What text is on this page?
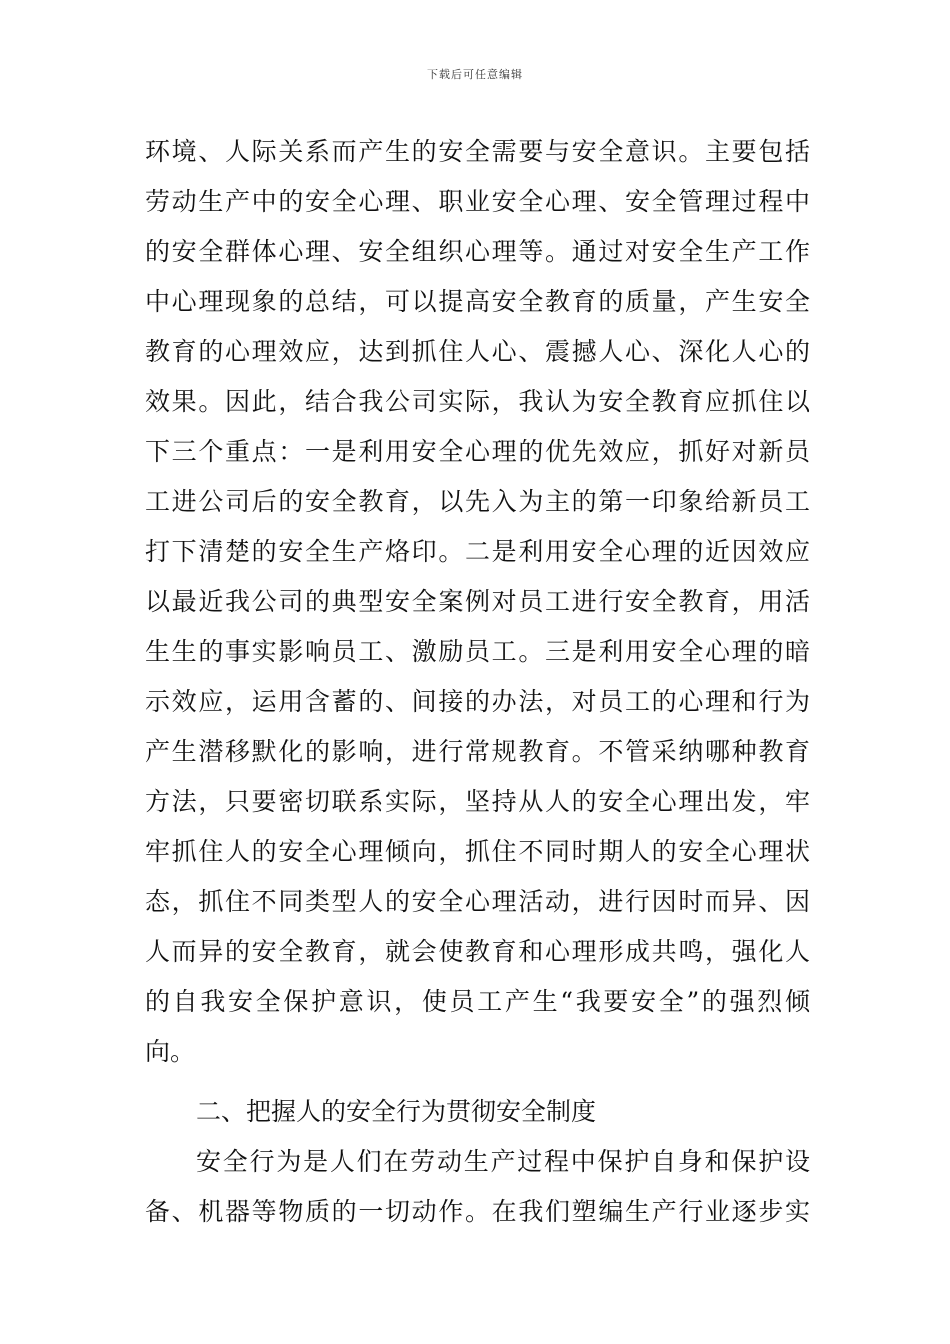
下载后可任意编辑
环境、人际关系而产生的安全需要与安全意识。主要包括
劳动生产中的安全心理、职业安全心理、安全管理过程中
的安全群体心理、安全组织心理等。通过对安全生产工作
中心理现象的总结，可以提高安全教育的质量，产生安全
教育的心理效应，达到抓住人心、震撼人心、深化人心的
效果。因此，结合我公司实际，我认为安全教育应抓住以
下三个重点：一是利用安全心理的优先效应，抓好对新员
工进公司后的安全教育，以先入为主的第一印象给新员工
打下清楚的安全生产烙印。二是利用安全心理的近因效应
以最近我公司的典型安全案例对员工进行安全教育，用活
生生的事实影响员工、激励员工。三是利用安全心理的暗
示效应，运用含蓄的、间接的办法，对员工的心理和行为
产生潜移默化的影响，进行常规教育。不管采纳哪种教育
方法，只要密切联系实际，坚持从人的安全心理出发，牢
牢抓住人的安全心理倾向，抓住不同时期人的安全心理状
态，抓住不同类型人的安全心理活动，进行因时而异、因
人而异的安全教育，就会使教育和心理形成共鸣，强化人
的自我安全保护意识，使员工产生“我要安全”的强烈倾
向。
二、把握人的安全行为贯彻安全制度
安全行为是人们在劳动生产过程中保护自身和保护设
备、机器等物质的一切动作。在我们塑编生产行业逐步实
